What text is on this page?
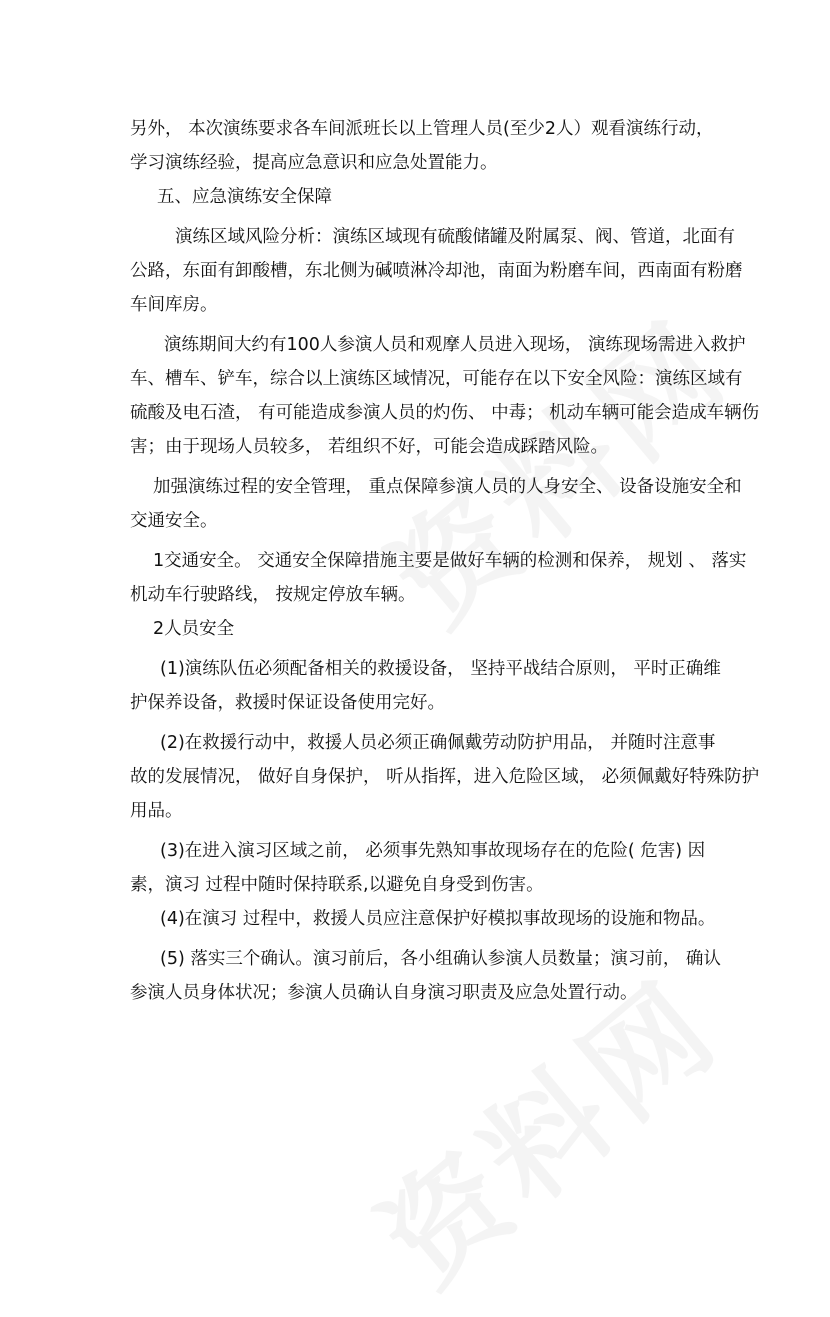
另外， 本次演练要求各车间派班长以上管理人员(至少2人）观看演练行动，
学习演练经验，提高应急意识和应急处置能力。
五、应急演练安全保障
演练区域风险分析：演练区域现有硫酸储罐及附属泵、阀、管道，北面有
公路，东面有卸酸槽，东北侧为碱喷淋冷却池，南面为粉磨车间，西南面有粉磨
车间库房。
演练期间大约有100人参演人员和观摩人员进入现场， 演练现场需进入救护
车、槽车、铲车，综合以上演练区域情况，可能存在以下安全风险：演练区域有
硫酸及电石渣， 有可能造成参演人员的灼伤、 中毒； 机动车辆可能会造成车辆伤
害；由于现场人员较多， 若组织不好，可能会造成踩踏风险。
加强演练过程的安全管理， 重点保障参演人员的人身安全、 设备设施安全和
交通安全。
1交通安全。 交通安全保障措施主要是做好车辆的检测和保养， 规划 、 落实
机动车行驶路线， 按规定停放车辆。
2人员安全
(1)演练队伍必须配备相关的救援设备， 坚持平战结合原则， 平时正确维
护保养设备，救援时保证设备使用完好。
(2)在救援行动中，救援人员必须正确佩戴劳动防护用品， 并随时注意事
故的发展情况， 做好自身保护， 听从指挥，进入危险区域， 必须佩戴好特殊防护
用品。
(3)在进入演习区域之前， 必须事先熟知事故现场存在的危险( 危害) 因
素，演习 过程中随时保持联系,以避免自身受到伤害。
(4)在演习 过程中，救援人员应注意保护好模拟事故现场的设施和物品。
(5) 落实三个确认。演习前后，各小组确认参演人员数量；演习前， 确认
参演人员身体状况；参演人员确认自身演习职责及应急处置行动。
